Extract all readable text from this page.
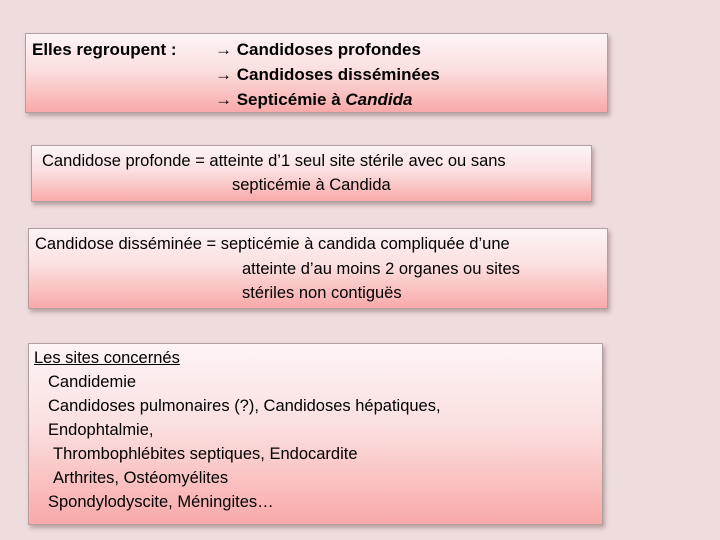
Elles regroupent : → Candidoses profondes
→ Candidoses disséminées
→ Septicémie à Candida
Candidose profonde = atteinte d’1 seul site stérile avec ou sans
septicémie à Candida
Candidose disséminée = septicémie à candida compliquée d’une
atteinte d’au moins 2 organes ou sites
stériles non contiguës
Les sites concernés
Candidemie
Candidoses pulmonaires (?), Candidoses hépatiques,
Endophtalmie,
Thrombophlébites septiques, Endocardite
Arthrites, Ostéomyélites
Spondylodyscite, Méningites…
